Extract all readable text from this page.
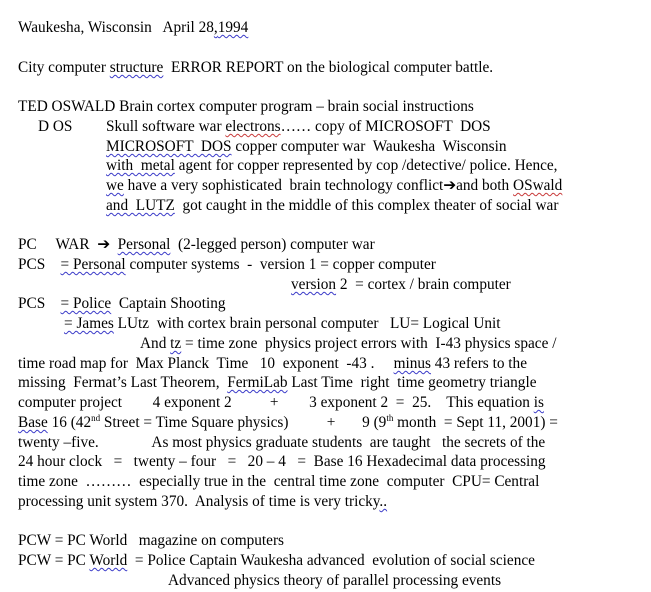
Waukesha, Wisconsin April 28,1994
City computer structure  ERROR REPORT on the biological computer battle.
TED OSWALD Brain cortex computer program – brain social instructions
D OS Skull software war electrons…… copy of MICROSOFT  DOS
MICROSOFT  DOS copper computer war  Waukesha  Wisconsin
with  metal agent for copper represented by cop /detective/ police. Hence,
we have a very sophisticated  brain technology conflict➔and both OSwald
and  LUTZ  got caught in the middle of this complex theater of social war
PC     WAR  ➔  Personal  (2-legged person) computer war
PCS    = Personal computer systems  -  version 1 = copper computer
version 2  = cortex / brain computer
PCS    = Police  Captain Shooting
= James LUtz  with cortex brain personal computer   LU= Logical Unit
And tz = time zone  physics project errors with  I-43 physics space /
time road map for  Max Planck  Time   10  exponent  -43 .     minus 43 refers to the
missing  Fermat’s Last Theorem,  FermiLab Last Time  right  time geometry triangle
computer project        4 exponent 2          +        3 exponent 2  =  25.    This equation is
Base 16 (42nd Street = Time Square physics)          +       9 (9th month  = Sept 11, 2001) =
twenty –five.              As most physics graduate students  are taught   the secrets of the
24 hour clock   =   twenty – four   =   20 – 4   =  Base 16 Hexadecimal data processing
time zone  ………  especially true in the  central time zone  computer  CPU= Central
processing unit system 370.  Analysis of time is very tricky..
PCW = PC World   magazine on computers
PCW = PC World  = Police Captain Waukesha advanced  evolution of social science
Advanced physics theory of parallel processing events
